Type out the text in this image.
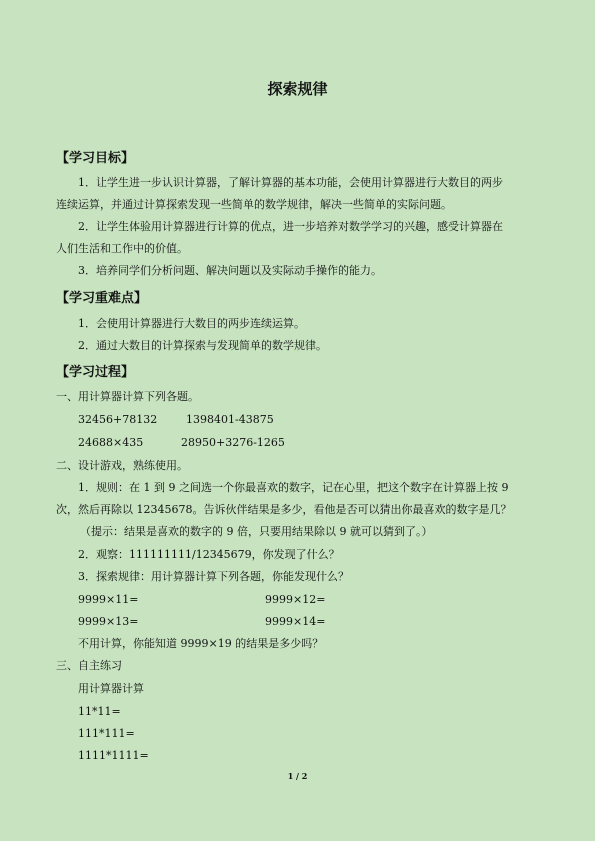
探索规律
【学习目标】
1．让学生进一步认识计算器，了解计算器的基本功能，会使用计算器进行大数目的两步
连续运算，并通过计算探索发现一些简单的数学规律，解决一些简单的实际问题。
2．让学生体验用计算器进行计算的优点，进一步培养对数学学习的兴趣，感受计算器在
人们生活和工作中的价值。
3．培养同学们分析问题、解决问题以及实际动手操作的能力。
【学习重难点】
1．会使用计算器进行大数目的两步连续运算。
2．通过大数目的计算探索与发现简单的数学规律。
【学习过程】
一、用计算器计算下列各题。
32456+78132	1398401-43875
24688×435	28950+3276-1265
二、设计游戏，熟练使用。
1．规则：在 1 到 9 之间选一个你最喜欢的数字，记在心里，把这个数字在计算器上按 9
次，然后再除以 12345678。告诉伙伴结果是多少，看他是否可以猜出你最喜欢的数字是几？
（提示：结果是喜欢的数字的 9 倍，只要用结果除以 9 就可以猜到了。）
2．观察：111111111/12345679，你发现了什么？
3．探索规律：用计算器计算下列各题，你能发现什么？
9999×11=	9999×12=
9999×13=	9999×14=
不用计算，你能知道 9999×19 的结果是多少吗？
三、自主练习
用计算器计算
11*11=
111*111=
1111*1111=
1 / 2
